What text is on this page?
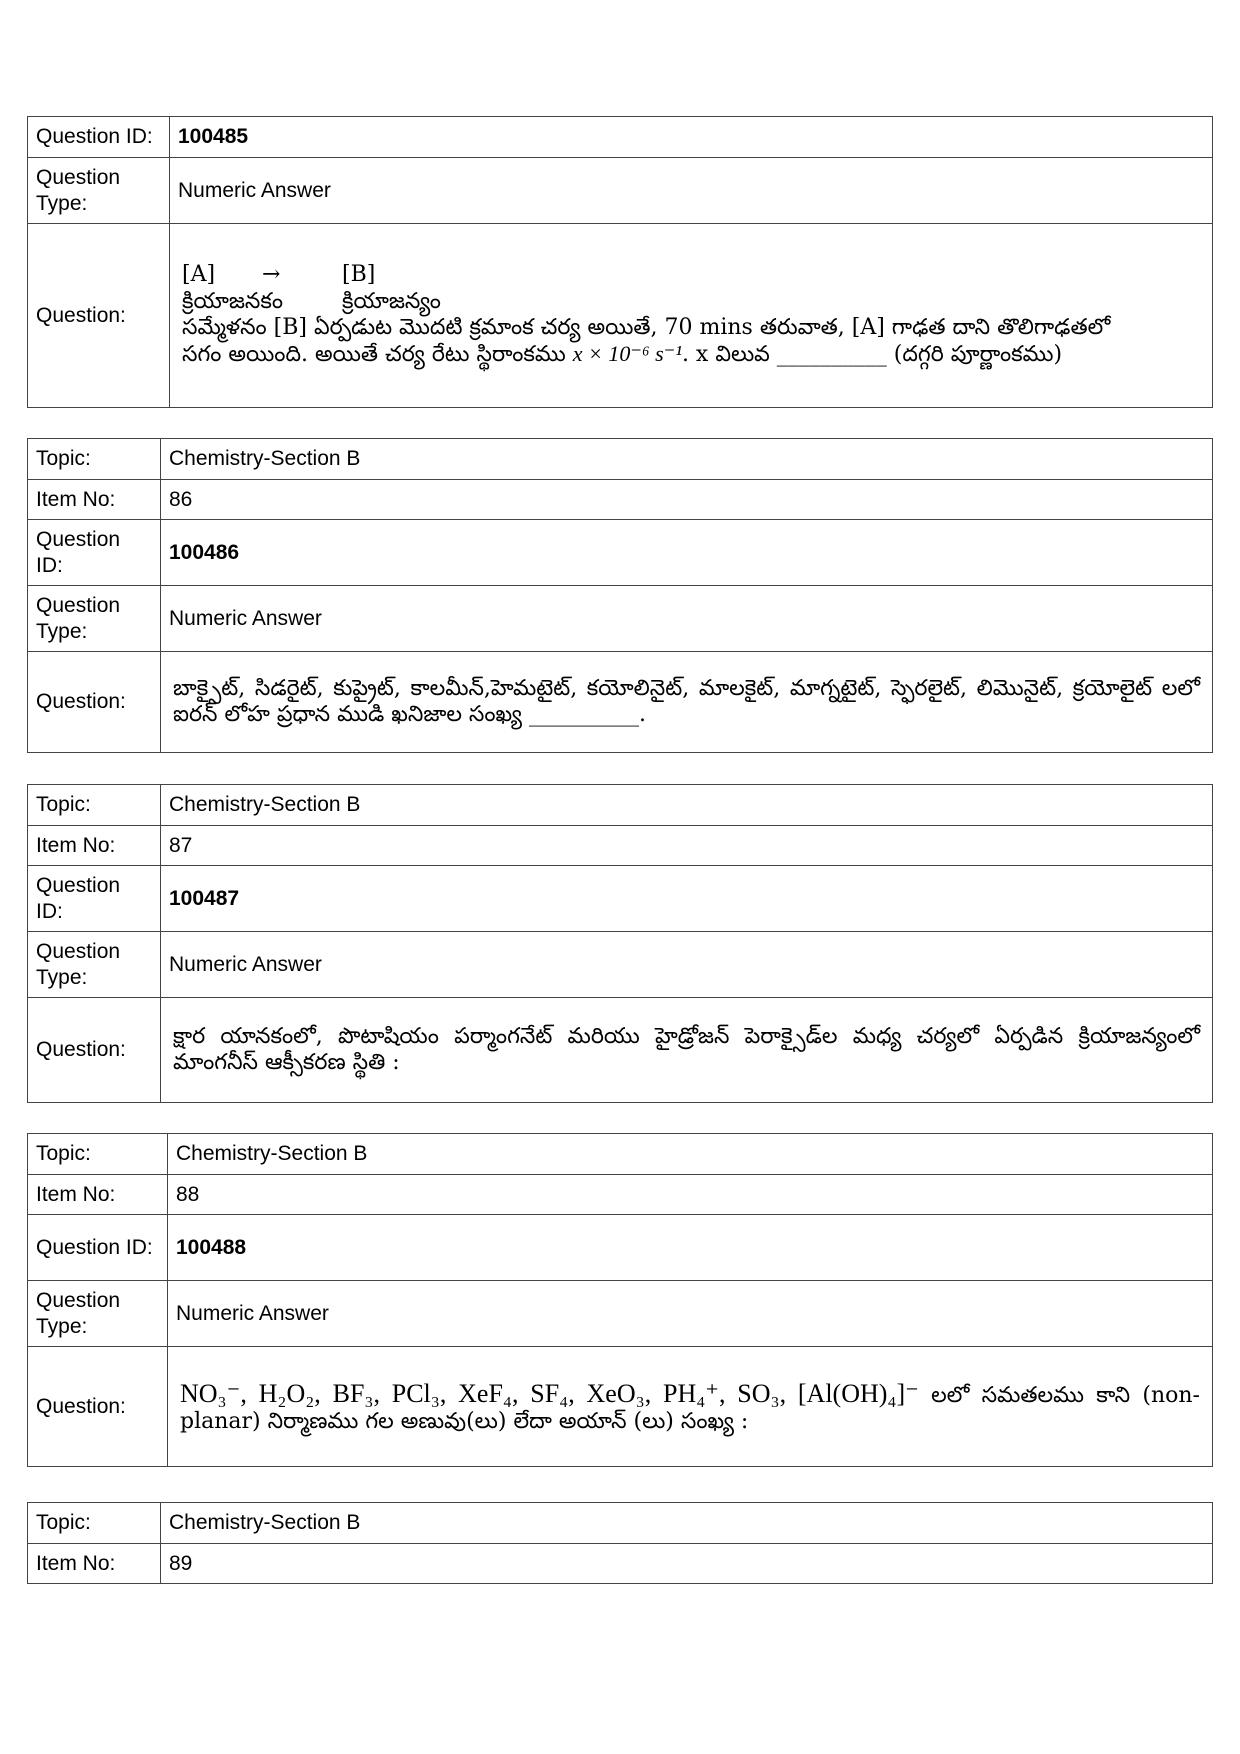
Question ID:	100485
Question Type:	Numeric Answer
Question:	[A] → [B]
క్రియాజనకం క్రియాజన్యం
సమ్మేళనం [B] ఏర్పడుట మొదటి క్రమాంక చర్య అయితే, 70 mins తరువాత, [A] గాఢత దాని తొలిగాఢతలో
సగం అయింది. అయితే చర్య రేటు స్థిరాంకము x × 10⁻⁶ s⁻¹. x విలువ __________ (దగ్గరి పూర్ణాంకము)
Topic:	Chemistry-Section B
Item No:	86
Question ID:	100486
Question Type:	Numeric Answer
Question:	బాక్సైట్, సిడరైట్, కుప్రైట్, కాలమీన్,హెమటైట్, కయోలినైట్, మాలకైట్, మాగ్నటైట్, స్ఫెరలైట్, లిమొనైట్, క్రయోలైట్ లలో ఐరన్ లోహ ప్రధాన ముడి ఖనిజాల సంఖ్య __________.
Topic:	Chemistry-Section B
Item No:	87
Question ID:	100487
Question Type:	Numeric Answer
Question:	క్షార యానకంలో, పొటాషియం పర్మాంగనేట్ మరియు హైడ్రోజన్ పెరాక్సైడ్‌ల మధ్య చర్యలో ఏర్పడిన క్రియాజన్యంలో మాంగనీస్ ఆక్సీకరణ స్థితి :
Topic:	Chemistry-Section B
Item No:	88
Question ID:	100488
Question Type:	Numeric Answer
Question:	NO₃⁻, H₂O₂, BF₃, PCl₃, XeF₄, SF₄, XeO₃, PH₄⁺, SO₃, [Al(OH)₄]⁻ లలో సమతలము కాని (non-planar) నిర్మాణము గల అణువు(లు) లేదా అయాన్ (లు) సంఖ్య :
Topic:	Chemistry-Section B
Item No:	89
